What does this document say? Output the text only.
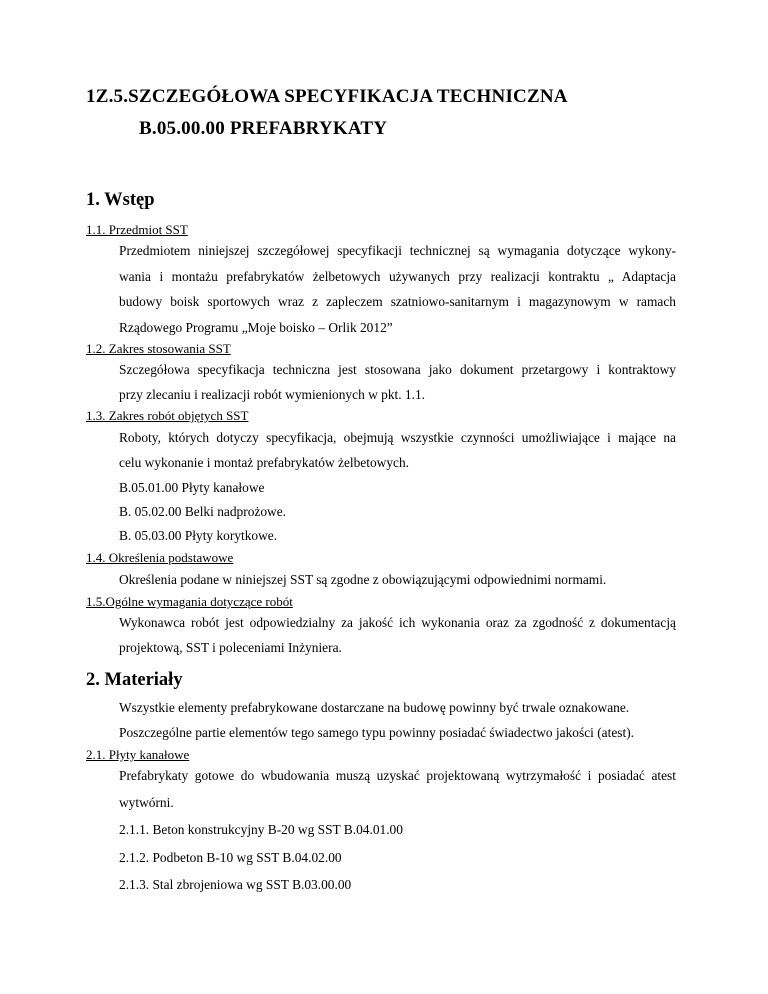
1Z.5.SZCZEGÓŁOWA SPECYFIKACJA TECHNICZNA
B.05.00.00 PREFABRYKATY
1. Wstęp
1.1. Przedmiot SST
Przedmiotem niniejszej szczegółowej specyfikacji technicznej są wymagania dotyczące wykony-
wania i montażu prefabrykatów żelbetowych używanych przy realizacji kontraktu „ Adaptacja
budowy boisk sportowych wraz z zapleczem szatniowo-sanitarnym i magazynowym w ramach
Rządowego Programu „Moje boisko – Orlik 2012”
1.2. Zakres stosowania SST
Szczegółowa specyfikacja techniczna jest stosowana jako dokument przetargowy i kontraktowy
przy zlecaniu i realizacji robót wymienionych w pkt. 1.1.
1.3. Zakres robót objętych SST
Roboty, których dotyczy specyfikacja, obejmują wszystkie czynności umożliwiające i mające na
celu wykonanie i montaż prefabrykatów żelbetowych.
B.05.01.00 Płyty kanałowe
B. 05.02.00 Belki nadprożowe.
B. 05.03.00 Płyty korytkowe.
1.4. Określenia podstawowe
Określenia podane w niniejszej SST są zgodne z obowiązującymi odpowiednimi normami.
1.5.Ogólne wymagania dotyczące robót
Wykonawca robót jest odpowiedzialny za jakość ich wykonania oraz za zgodność z dokumentacją
projektową, SST i poleceniami Inżyniera.
2. Materiały
Wszystkie elementy prefabrykowane dostarczane na budowę powinny być trwale oznakowane.
Poszczególne partie elementów tego samego typu powinny posiadać świadectwo jakości (atest).
2.1. Płyty kanałowe
Prefabrykaty gotowe do wbudowania muszą uzyskać projektowaną wytrzymałość i posiadać atest
wytwórni.
2.1.1. Beton konstrukcyjny B-20 wg SST B.04.01.00
2.1.2. Podbeton B-10 wg SST B.04.02.00
2.1.3. Stal zbrojeniowa wg SST B.03.00.00
